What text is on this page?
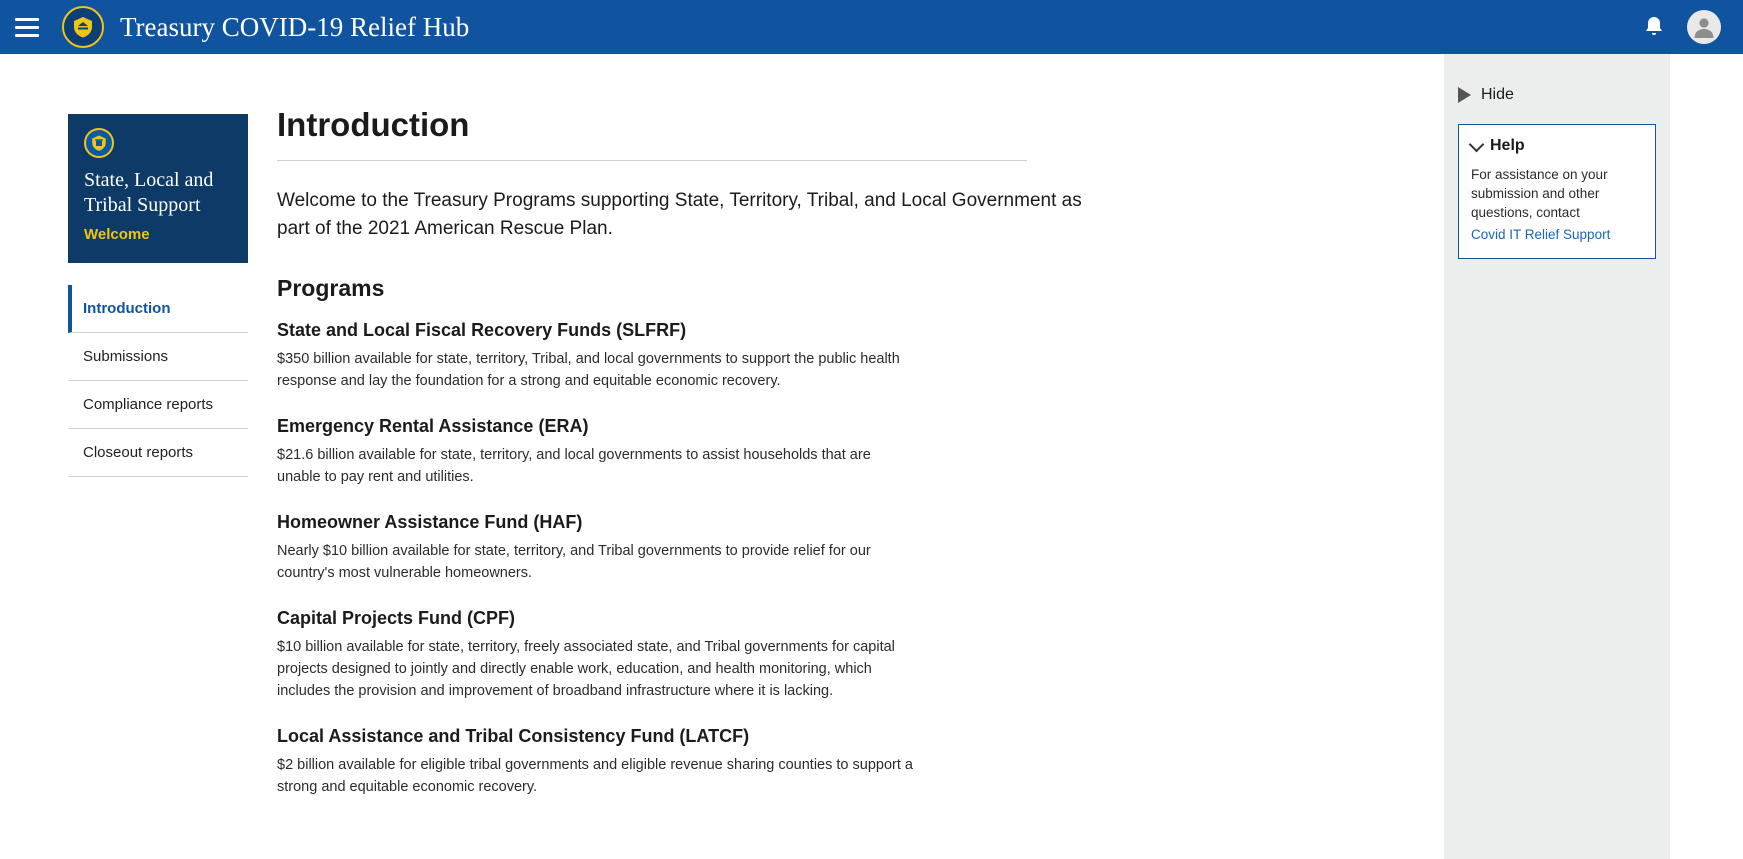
Treasury COVID-19 Relief Hub
State, Local and Tribal Support
Welcome
Introduction
Submissions
Compliance reports
Closeout reports
Introduction
Welcome to the Treasury Programs supporting State, Territory, Tribal, and Local Government as part of the 2021 American Rescue Plan.
Programs
State and Local Fiscal Recovery Funds (SLFRF)

$350 billion available for state, territory, Tribal, and local governments to support the public health response and lay the foundation for a strong and equitable economic recovery.

Emergency Rental Assistance (ERA)

$21.6 billion available for state, territory, and local governments to assist households that are unable to pay rent and utilities.

Homeowner Assistance Fund (HAF)

Nearly $10 billion available for state, territory, and Tribal governments to provide relief for our country's most vulnerable homeowners.

Capital Projects Fund (CPF)

$10 billion available for state, territory, freely associated state, and Tribal governments for capital projects designed to jointly and directly enable work, education, and health monitoring, which includes the provision and improvement of broadband infrastructure where it is lacking.

Local Assistance and Tribal Consistency Fund (LATCF)

$2 billion available for eligible tribal governments and eligible revenue sharing counties to support a strong and equitable economic recovery.

Hide
Help
For assistance on your submission and other questions, contact
Covid IT Relief Support
